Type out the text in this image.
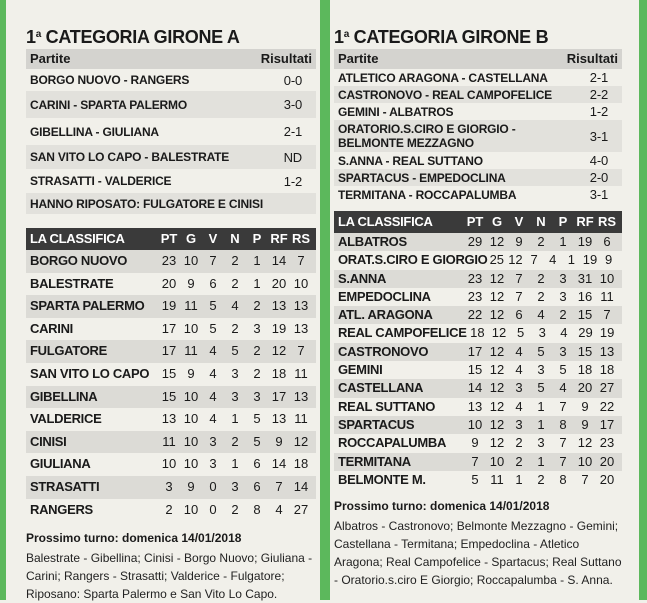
1$^a$ CATEGORIA GIRONE A
Partite	Risultati
BORGO NUOVO - RANGERS	0-0
CARINI - SPARTA PALERMO	3-0
GIBELLINA - GIULIANA	2-1
SAN VITO LO CAPO - BALESTRATE	ND
STRASATTI - VALDERICE	1-2
HANNO RIPOSATO: FULGATORE E CINISI
LA CLASSIFICA	PT G V N P RF RS
BORGO NUOVO	23 10 7	2	1 14 7
BALESTRATE	20 9	6	2	1 20 10
SPARTA PALERMO	19 11 5	4	2 13 13
CARINI	17 10 5	2	3 19 13
FULGATORE	17 11 4	5	2 12 7
SAN VITO LO CAPO 15 9	4	3	2 18 11
GIBELLINA	15 10 4	3	3 17 13
VALDERICE	13 10 4	1	5 13 11
CINISI	11 10 3	2	5	9 12
GIULIANA	10 10 3	1	6 14 18
STRASATTI	3	9	0	3	6	7 14
RANGERS	2 10 0	2	8	4 27
Prossimo turno: domenica 14/01/2018
Balestrate - Gibellina; Cinisi - Borgo Nuovo; Giuliana - Carini; Rangers - Strasatti; Valderice - Fulgatore; Riposano: Sparta Palermo e San Vito Lo Capo.
1$^a$ CATEGORIA GIRONE B
Partite	Risultati
ATLETICO ARAGONA - CASTELLANA	2-1
CASTRONOVO - REAL CAMPOFELICE	2-2
GEMINI - ALBATROS	1-2
ORATORIO.S.CIRO E GIORGIO - BELMONTE MEZZAGNO	3-1
S.ANNA - REAL SUTTANO	4-0
SPARTACUS - EMPEDOCLINA	2-0
TERMITANA - ROCCAPALUMBA	3-1
LA CLASSIFICA	PT G V N P RF RS
ALBATROS	29 12 9	2	1 19 6
ORAT.S.CIRO E GIORGIO 25 12 7 4 1 19 9
S.ANNA	23 12 7	2	3 31 10
EMPEDOCLINA	23 12 7	2	3 16 11
ATL. ARAGONA	22 12 6	4	2 15 7
REAL CAMPOFELICE 18 12 5	3	4 29 19
CASTRONOVO	17 12 4	5	3 15 13
GEMINI	15 12 4	3	5 18 18
CASTELLANA	14 12 3	5	4 20 27
REAL SUTTANO	13 12 4	1	7	9 22
SPARTACUS	10 12 3	1	8	9 17
ROCCAPALUMBA	9 12 2	3	7 12 23
TERMITANA	7 10 2	1	7 10 20
BELMONTE M.	5 11 1	2	8	7 20
Prossimo turno: domenica 14/01/2018
Albatros - Castronovo; Belmonte Mezzagno - Gemini; Castellana - Termitana; Empedoclina - Atletico Aragona; Real Campofelice - Spartacus; Real Suttano - Oratorio.s.ciro E Giorgio; Roccapalumba - S. Anna.
